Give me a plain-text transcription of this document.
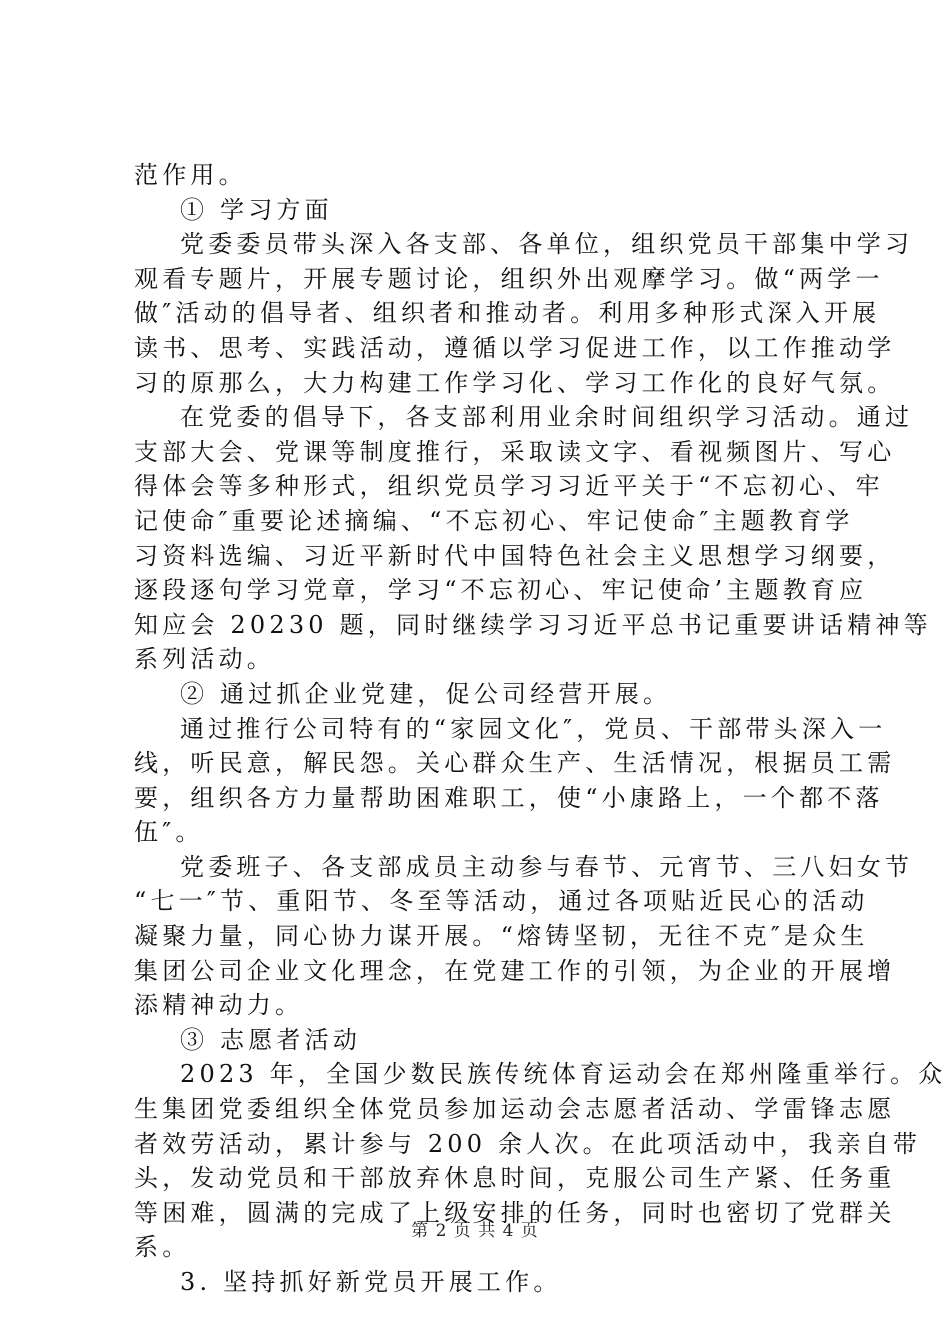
范作用。

① 学习方面

党委委员带头深入各支部、各单位，组织党员干部集中学习

观看专题片，开展专题讨论，组织外出观摩学习。做“两学一

做″活动的倡导者、组织者和推动者。利用多种形式深入开展

读书、思考、实践活动，遵循以学习促进工作，以工作推动学

习的原那么，大力构建工作学习化、学习工作化的良好气氛。

在党委的倡导下，各支部利用业余时间组织学习活动。通过

支部大会、党课等制度推行，采取读文字、看视频图片、写心

得体会等多种形式，组织党员学习习近平关于“不忘初心、牢

记使命″重要论述摘编、“不忘初心、牢记使命″主题教育学

习资料选编、习近平新时代中国特色社会主义思想学习纲要，

逐段逐句学习党章，学习“不忘初心、牢记使命’主题教育应

知应会 20230 题，同时继续学习习近平总书记重要讲话精神等

系列活动。

② 通过抓企业党建，促公司经营开展。

通过推行公司特有的“家园文化″，党员、干部带头深入一

线，听民意，解民怨。关心群众生产、生活情况，根据员工需

要，组织各方力量帮助困难职工，使“小康路上，一个都不落

伍″。

党委班子、各支部成员主动参与春节、元宵节、三八妇女节

“七一″节、重阳节、冬至等活动，通过各项贴近民心的活动

凝聚力量，同心协力谋开展。“熔铸坚韧，无往不克″是众生

集团公司企业文化理念，在党建工作的引领，为企业的开展增

添精神动力。

③ 志愿者活动

2023 年，全国少数民族传统体育运动会在郑州隆重举行。众

生集团党委组织全体党员参加运动会志愿者活动、学雷锋志愿

者效劳活动，累计参与 200 余人次。在此项活动中，我亲自带

头，发动党员和干部放弃休息时间，克服公司生产紧、任务重

等困难，圆满的完成了上级安排的任务，同时也密切了党群关

系。

3. 坚持抓好新党员开展工作。

第 2 页 共 4 页
